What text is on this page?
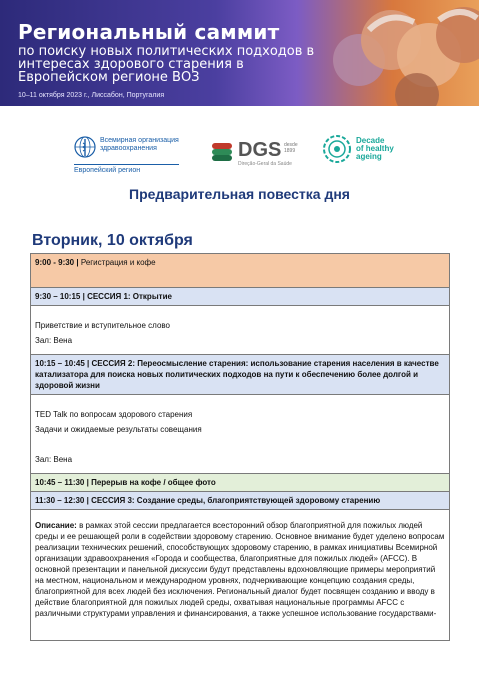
Региональный саммит
по поиску новых политических подходов в
интересах здорового старения в
Европейском регионе ВОЗ
10–11 октября 2023 г., Лиссабон, Португалия
Всемирная организация
здравоохранения
Европейский регион
DGS desde
1899
Direção-Geral da Saúde
Decade
of healthy
ageing
Предварительная повестка дня
Вторник, 10 октября
9:00 - 9:30 | Регистрация и кофе
9:30 – 10:15 | СЕССИЯ 1: Открытие
Приветствие и вступительное слово
Зал: Вена
10:15 – 10:45 | СЕССИЯ 2: Переосмысление старения: использование старения населения в качестве катализатора для поиска новых политических подходов на пути к обеспечению более долгой и здоровой жизни
TED Talk по вопросам здорового старения
Задачи и ожидаемые результаты совещания
Зал: Вена
10:45 – 11:30 | Перерыв на кофе / общее фото
11:30 – 12:30 | СЕССИЯ 3: Создание среды, благоприятствующей здоровому старению
Описание: в рамках этой сессии предлагается всесторонний обзор благоприятной для пожилых людей среды и ее решающей роли в содействии здоровому старению. Основное внимание будет уделено вопросам реализации технических решений, способствующих здоровому старению, в рамках инициативы Всемирной организации здравоохранения «Города и сообщества, благоприятные для пожилых людей» (AFCC). В основной презентации и панельной дискуссии будут представлены вдохновляющие примеры мероприятий на местном, национальном и международном уровнях, подчеркивающие концепцию создания среды, благоприятной для всех людей без исключения. Региональный диалог будет посвящен созданию и вводу в действие благоприятной для пожилых людей среды, охватывая национальные программы AFCC с различными структурами управления и финансирования, а также успешное использование государствами-
